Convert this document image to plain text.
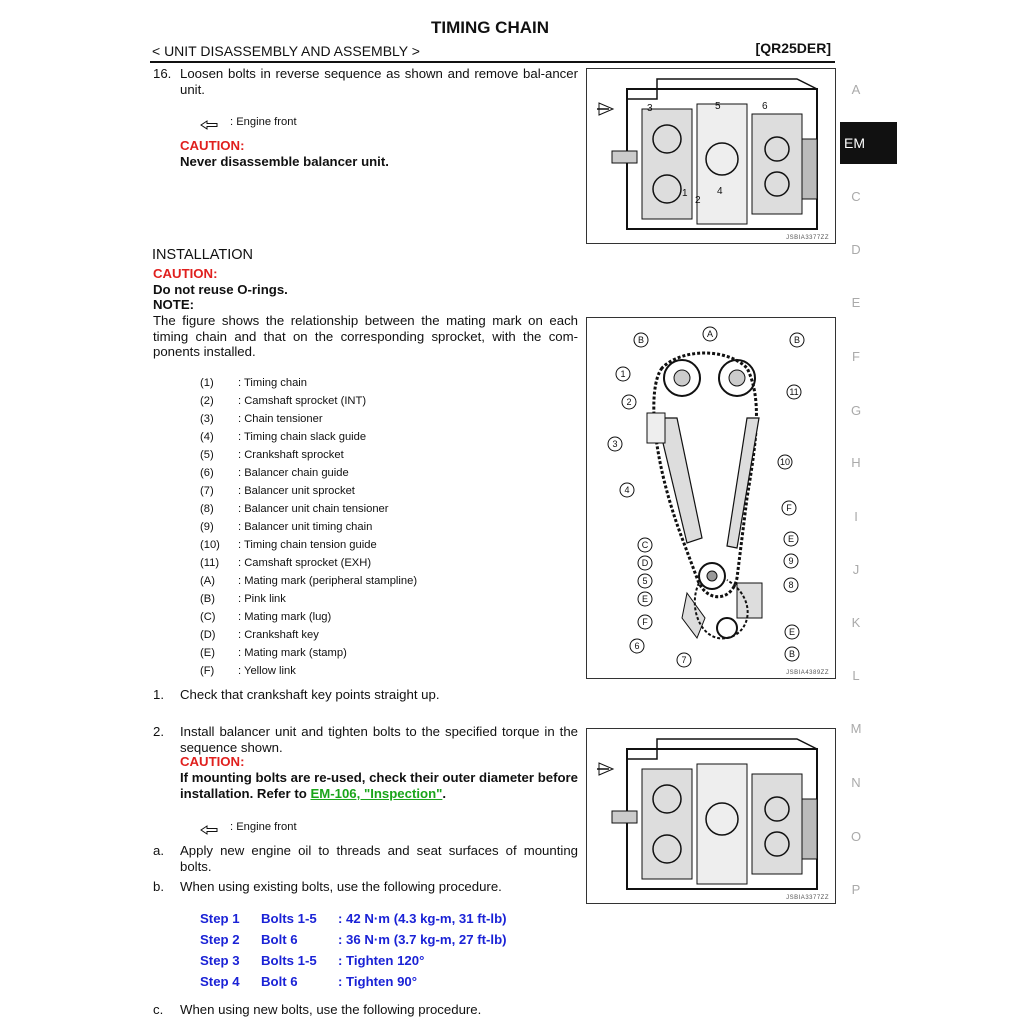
TIMING CHAIN
< UNIT DISASSEMBLY AND ASSEMBLY >	[QR25DER]
16. Loosen bolts in reverse sequence as shown and remove bal-ancer unit.
: Engine front
CAUTION:
Never disassemble balancer unit.
3	5	6
1
2
4
JSBIA3377ZZ
INSTALLATION
CAUTION:
Do not reuse O-rings.
NOTE:
The figure shows the relationship between the mating mark on each timing chain and that on the corresponding sprocket, with the com-ponents installed.
(1) : Timing chain
(2) : Camshaft sprocket (INT)
(3) : Chain tensioner
(4) : Timing chain slack guide
(5) : Crankshaft sprocket
(6) : Balancer chain guide
(7) : Balancer unit sprocket
(8) : Balancer unit chain tensioner
(9) : Balancer unit timing chain
(10) : Timing chain tension guide
(11) : Camshaft sprocket (EXH)
(A) : Mating mark (peripheral stampline)
(B) : Pink link
(C) : Mating mark (lug)
(D) : Crankshaft key
(E) : Mating mark (stamp)
(F) : Yellow link
A
B	B
1
11
2
3
10
4
F
C
E
D	9
5	8
E
F
E
6
B
7
JSBIA4389ZZ
1. Check that crankshaft key points straight up.
2. Install balancer unit and tighten bolts to the specified torque in the sequence shown.
CAUTION:
If mounting bolts are re-used, check their outer diameter before installation. Refer to EM-106, "Inspection".
: Engine front
JSBIA3377ZZ
a. Apply new engine oil to threads and seat surfaces of mounting bolts.
b. When using existing bolts, use the following procedure.
Step 1 Bolts 1-5 : 42 N·m (4.3 kg-m, 31 ft-lb)
Step 2 Bolt 6	: 36 N·m (3.7 kg-m, 27 ft-lb)
Step 3 Bolts 1-5 : Tighten 120°
Step 4 Bolt 6	: Tighten 90°
c. When using new bolts, use the following procedure.
A
EM
C
D
E
F
G
H
I
J
K
L
M
N
O
P
